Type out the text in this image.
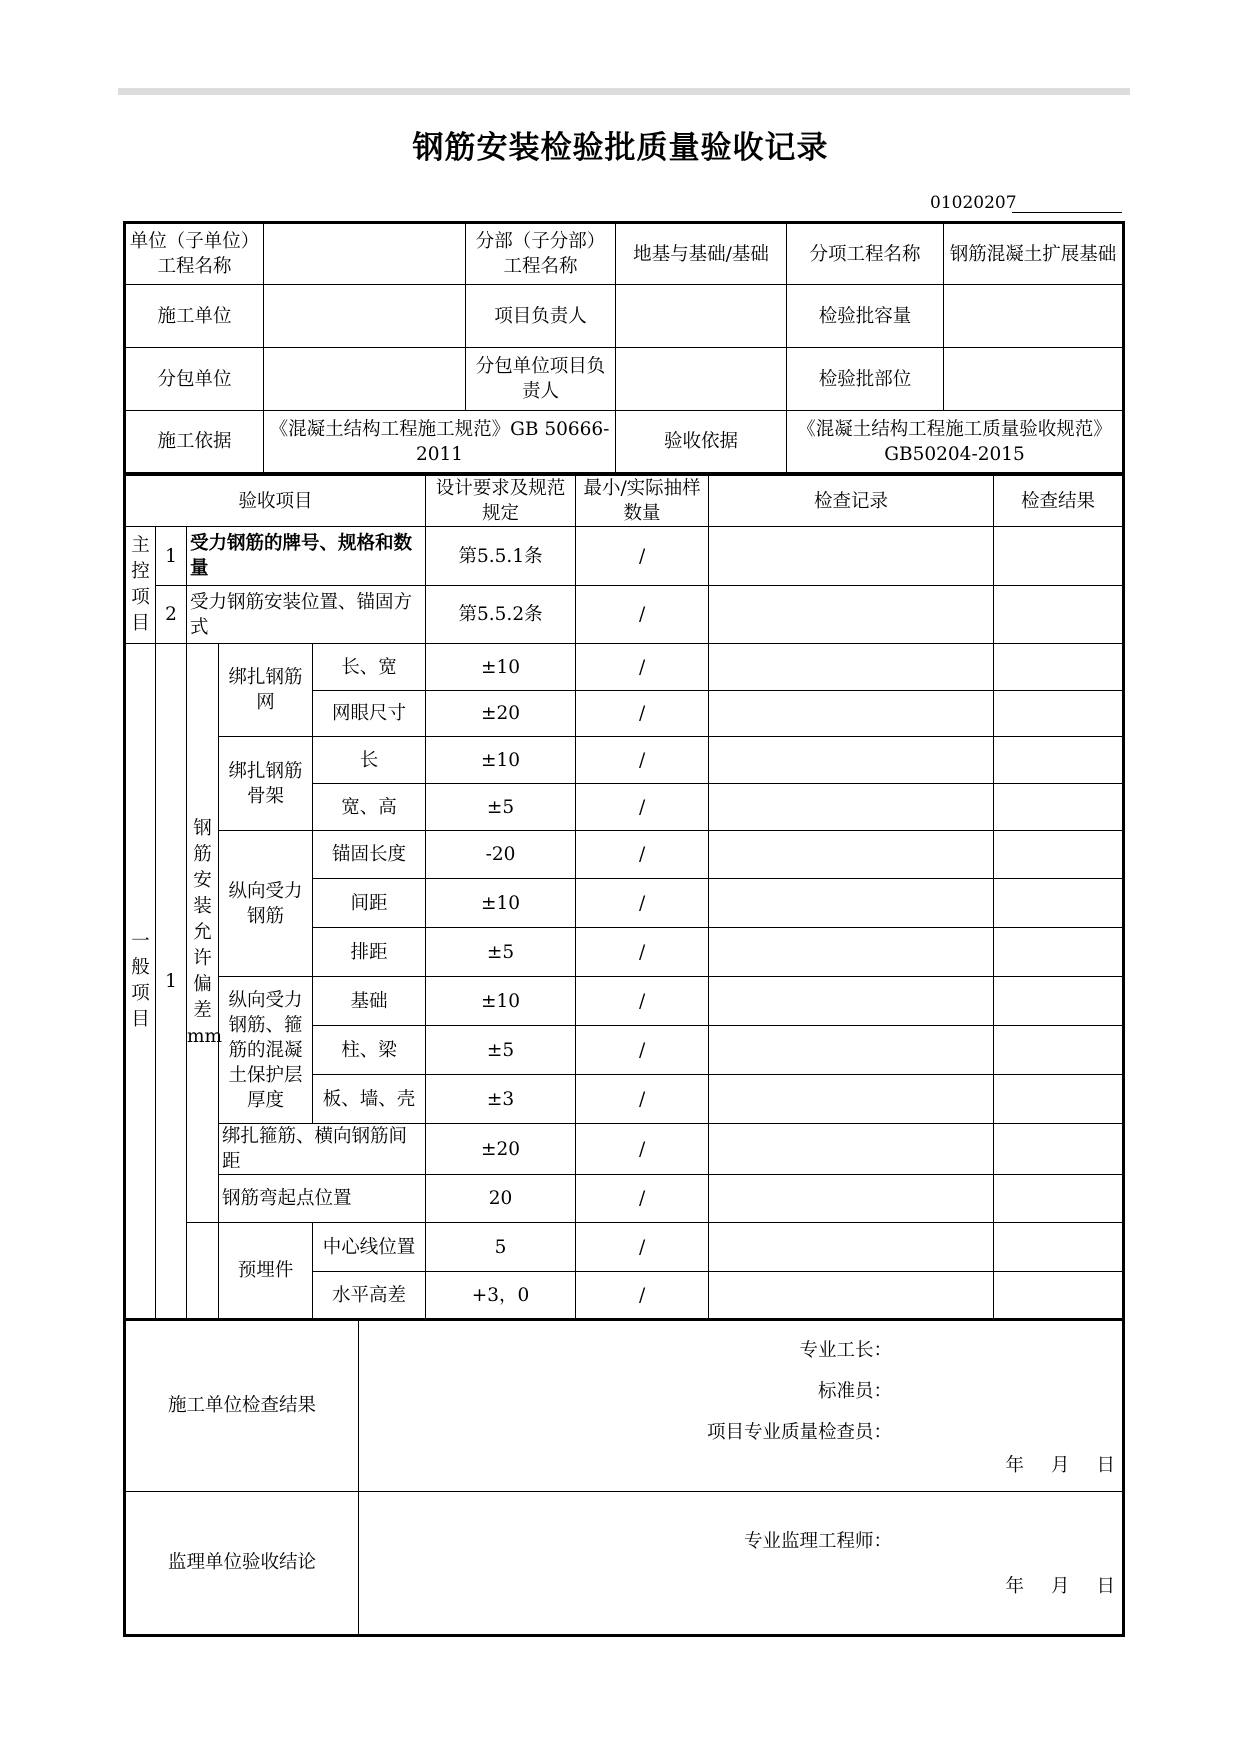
钢筋安装检验批质量验收记录
01020207
单位（子单位）工程名称		分部（子分部）工程名称	地基与基础/基础	分项工程名称	钢筋混凝土扩展基础
施工单位		项目负责人		检验批容量	
分包单位		分包单位项目负责人		检验批部位	
施工依据	《混凝土结构工程施工规范》GB 50666-2011		验收依据	《混凝土结构工程施工质量验收规范》GB50204-2015	
验收项目					设计要求及规范规定	最小/实际抽样数量	检查记录	检查结果
主控项目	1	受力钢筋的牌号、规格和数量			第5.5.1条	/		
	2	受力钢筋安装位置、锚固方式			第5.5.2条	/		
一般项目	1	钢筋安装允许偏差mm	绑扎钢筋网	长、宽	±10	/		
				网眼尺寸	±20	/		
			绑扎钢筋骨架	长	±10	/		
				宽、高	±5	/		
			纵向受力钢筋	锚固长度	-20	/		
				间距	±10	/		
				排距	±5	/		
			纵向受力钢筋、箍筋的混凝土保护层厚度	基础	±10	/		
				柱、梁	±5	/		
				板、墙、壳	±3	/		
			绑扎箍筋、横向钢筋间距		±20	/		
			钢筋弯起点位置		20	/		
			预埋件	中心线位置	5	/		
				水平高差	+3，0	/		
施工单位检查结果	专业工长：
标准员：
项目专业质量检查员：
年 月 日

监理单位验收结论	专业监理工程师：
年 月 日
